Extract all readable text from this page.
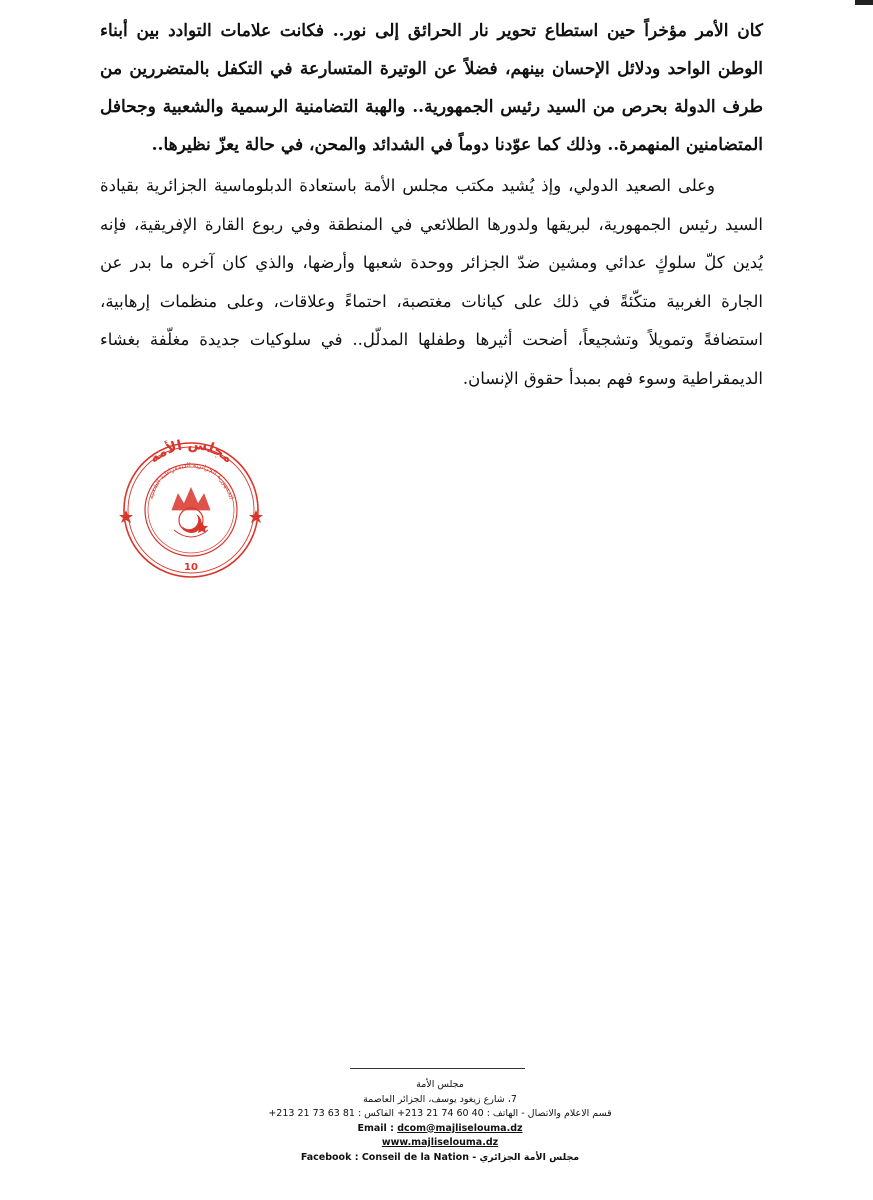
كان الأمر مؤخراً حين استطاع تحوير نار الحرائق إلى نور.. فكانت علامات التوادد بين أبناء الوطن الواحد ودلائل الإحسان بينهم، فضلاً عن الوتيرة المتسارعة في التكفل بالمتضررين من طرف الدولة بحرص من السيد رئيس الجمهورية.. والهبة التضامنية الرسمية والشعبية وجحافل المتضامنين المنهمرة.. وذلك كما عوّدنا دوماً في الشدائد والمحن، في حالة يعزّ نظيرها..

وعلى الصعيد الدولي، وإذ يُشيد مكتب مجلس الأمة باستعادة الدبلوماسية الجزائرية بقيادة السيد رئيس الجمهورية، لبريقها ولدورها الطلائعي في المنطقة وفي ربوع القارة الإفريقية، فإنه يُدين كلّ سلوكٍ عدائي ومشين ضدّ الجزائر ووحدة شعبها وأرضها، والذي كان آخره ما بدر عن الجارة الغربية متكّئةً في ذلك على كيانات مغتصبة، احتماءً وعلاقات، وعلى منظمات إرهابية، استضافةً وتمويلاً وتشجيعاً، أضحت أثيرها وطفلها المدلّل.. في سلوكيات جديدة مغلّفة بغشاء الديمقراطية وسوء فهم بمبدأ حقوق الإنسان.

مجلس الأمة
الجمهورية الجزائرية الديمقراطية الشعبية
10
مجلس الأمة
7، شارع زيغود يوسف، الجزائر العاصمة
قسم الاعلام والاتصال - الهاتف : 40 60 74 21 213+ الفاكس : 81 63 73 21 213+
Email : dcom@majliselouma.dz
www.majliselouma.dz
Facebook : Conseil de la Nation - مجلس الأمة الجزائري
